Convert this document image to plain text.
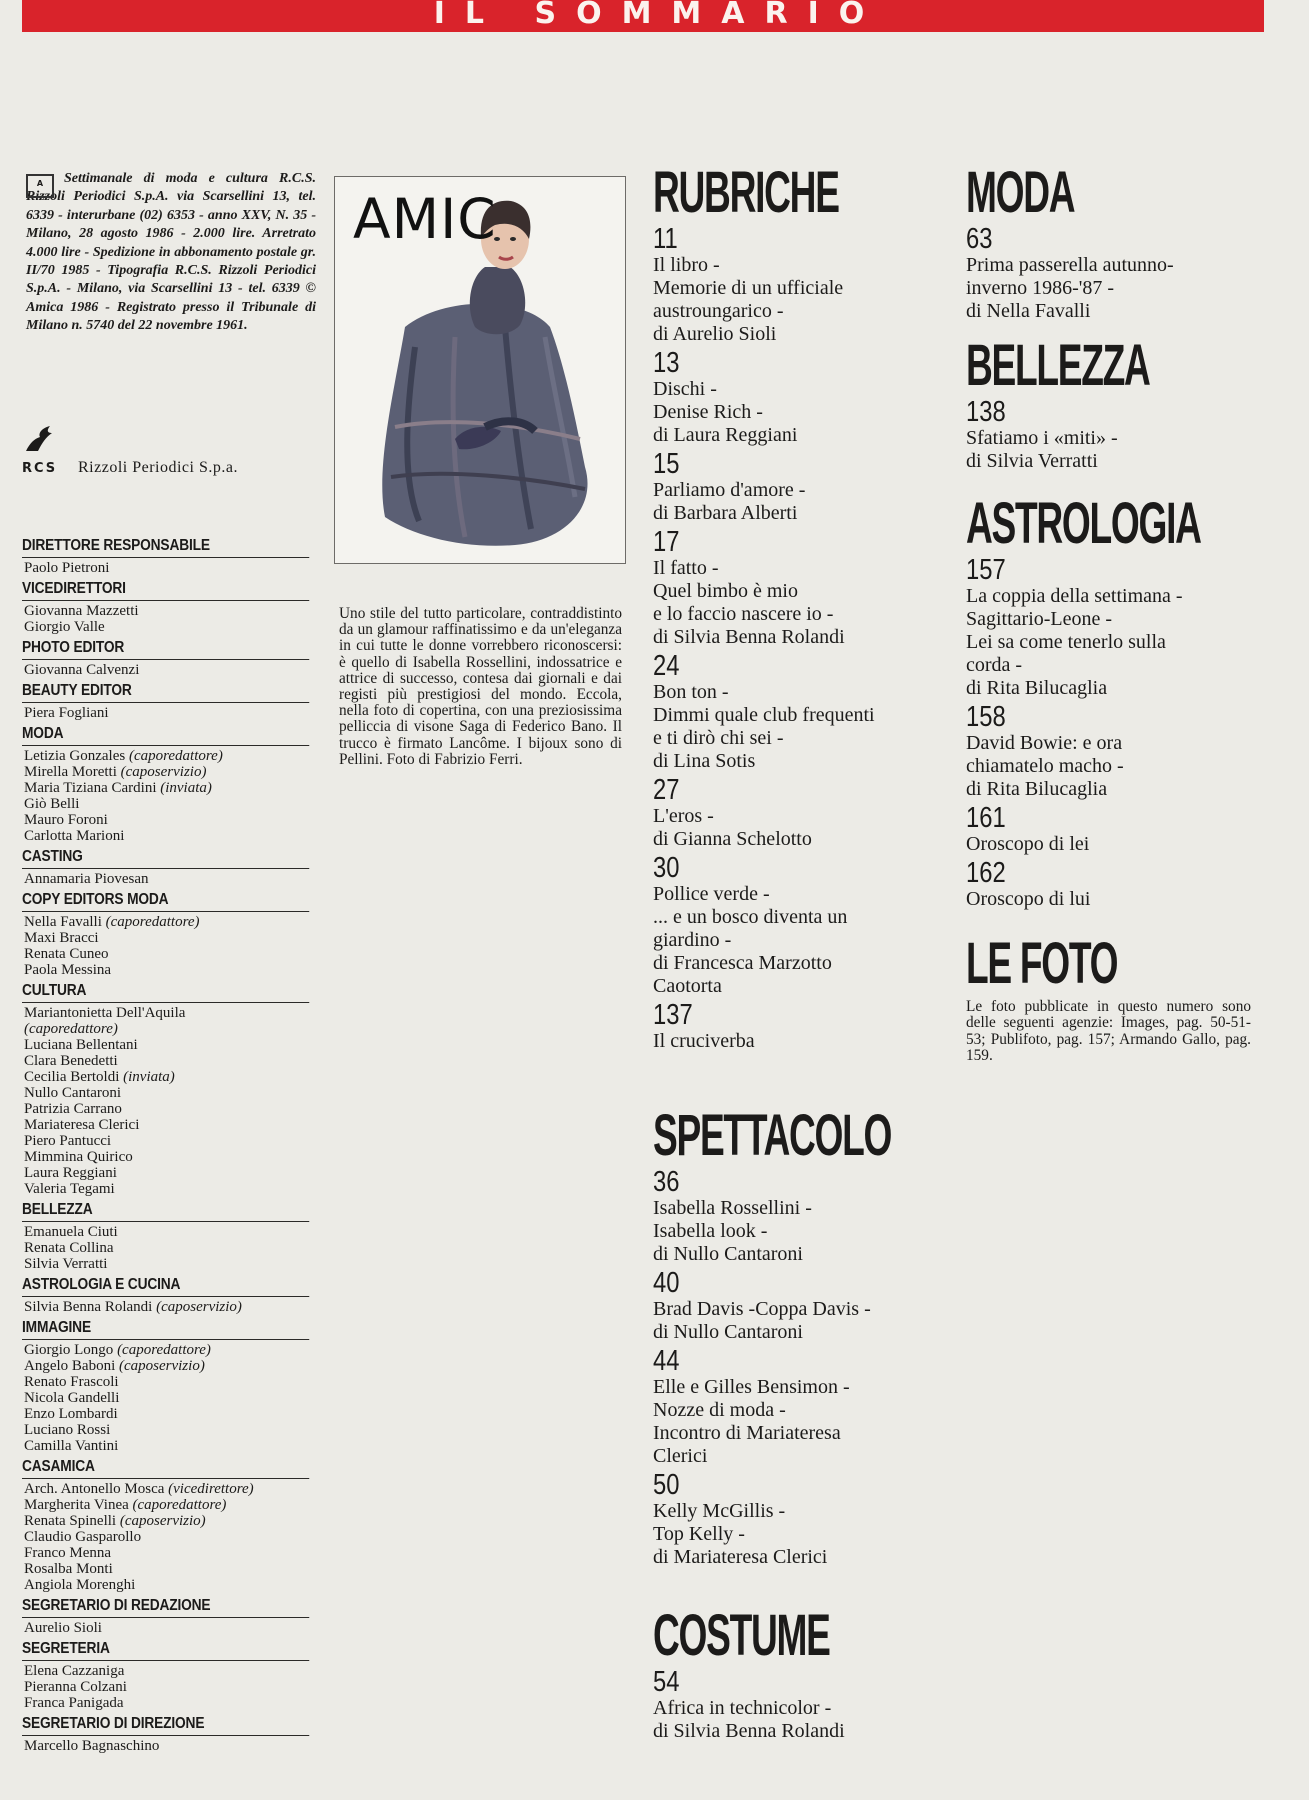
IL SOMMARIO
A	Settimanale di moda e cultura R.C.S. Rizzoli Periodici S.p.A. via Scarsellini 13, tel. 6339 - interurbane (02) 6353 - anno XXV, N. 35 - Milano, 28 agosto 1986 - 2.000 lire. Arretrato 4.000 lire - Spedizione in abbonamento postale gr. II/70 1985 - Tipografia R.C.S. Rizzoli Periodici S.p.A. - Milano, via Scarsellini 13 - tel. 6339 © Amica 1986 - Registrato presso il Tribunale di Milano n. 5740 del 22 novembre 1961.

RCS Rizzoli Periodici S.p.a.
DIRETTORE RESPONSABILE
Paolo Pietroni
VICEDIRETTORI
Giovanna Mazzetti
Giorgio Valle
PHOTO EDITOR
Giovanna Calvenzi
BEAUTY EDITOR
Piera Fogliani
MODA
Letizia Gonzales (caporedattore)
Mirella Moretti (caposervizio)
Maria Tiziana Cardini (inviata)
Giò Belli
Mauro Foroni
Carlotta Marioni
CASTING
Annamaria Piovesan
COPY EDITORS MODA
Nella Favalli (caporedattore)
Maxi Bracci
Renata Cuneo
Paola Messina
CULTURA
Mariantonietta Dell'Aquila
(caporedattore)
Luciana Bellentani
Clara Benedetti
Cecilia Bertoldi (inviata)
Nullo Cantaroni
Patrizia Carrano
Mariateresa Clerici
Piero Pantucci
Mimmina Quirico
Laura Reggiani
Valeria Tegami
BELLEZZA
Emanuela Ciuti
Renata Collina
Silvia Verratti
ASTROLOGIA E CUCINA
Silvia Benna Rolandi (caposervizio)
IMMAGINE
Giorgio Longo (caporedattore)
Angelo Baboni (caposervizio)
Renato Frascoli
Nicola Gandelli
Enzo Lombardi
Luciano Rossi
Camilla Vantini
CASAMICA
Arch. Antonello Mosca (vicedirettore)
Margherita Vinea (caporedattore)
Renata Spinelli (caposervizio)
Claudio Gasparollo
Franco Menna
Rosalba Monti
Angiola Morenghi
SEGRETARIO DI REDAZIONE
Aurelio Sioli
SEGRETERIA
Elena Cazzaniga
Pieranna Colzani
Franca Panigada
SEGRETARIO DI DIREZIONE
Marcello Bagnaschino
AMIC

Uno stile del tutto particolare, contraddistinto da un glamour raffinatissimo e da un'eleganza in cui tutte le donne vorrebbero riconoscersi: è quello di Isabella Rossellini, indossatrice e attrice di successo, contesa dai giornali e dai registi più prestigiosi del mondo. Eccola, nella foto di copertina, con una preziosissima pelliccia di visone Saga di Federico Bano. Il trucco è firmato Lancôme. I bijoux sono di Pellini. Foto di Fabrizio Ferri.

RUBRICHE
11
Il libro -
Memorie di un ufficiale
austroungarico -
di Aurelio Sioli
13
Dischi -
Denise Rich -
di Laura Reggiani
15
Parliamo d'amore -
di Barbara Alberti
17
Il fatto -
Quel bimbo è mio
e lo faccio nascere io -
di Silvia Benna Rolandi
24
Bon ton -
Dimmi quale club frequenti
e ti dirò chi sei -
di Lina Sotis
27
L'eros -
di Gianna Schelotto
30
Pollice verde -
... e un bosco diventa un
giardino -
di Francesca Marzotto
Caotorta
137
Il cruciverba
SPETTACOLO
36
Isabella Rossellini -
Isabella look -
di Nullo Cantaroni
40
Brad Davis -Coppa Davis -
di Nullo Cantaroni
44
Elle e Gilles Bensimon -
Nozze di moda -
Incontro di Mariateresa
Clerici
50
Kelly McGillis -
Top Kelly -
di Mariateresa Clerici
COSTUME
54
Africa in technicolor -
di Silvia Benna Rolandi
MODA
63
Prima passerella autunno-
inverno 1986-'87 -
di Nella Favalli
BELLEZZA
138
Sfatiamo i «miti» -
di Silvia Verratti
ASTROLOGIA
157
La coppia della settimana -
Sagittario-Leone -
Lei sa come tenerlo sulla
corda -
di Rita Bilucaglia
158
David Bowie: e ora
chiamatelo macho -
di Rita Bilucaglia
161
Oroscopo di lei
162
Oroscopo di lui
LE FOTO

Le foto pubblicate in questo numero sono delle seguenti agenzie: Images, pag. 50-51-53; Publifoto, pag. 157; Armando Gallo, pag. 159.
